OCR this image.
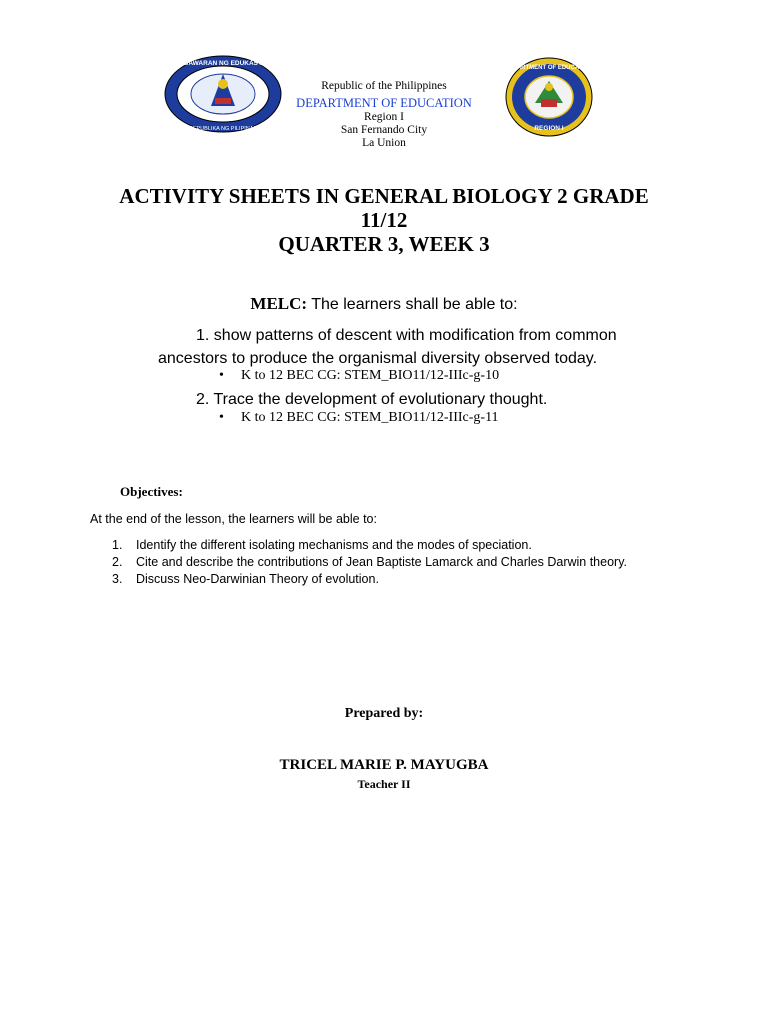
KAGAWARAN NG EDUKASYON
REPUBLIKA NG PILIPINAS
DEPARTMENT OF EDUCATION
REGION I
Republic of the Philippines
DEPARTMENT OF EDUCATION
Region I
San Fernando City
La Union
ACTIVITY SHEETS IN GENERAL BIOLOGY 2 GRADE
11/12
QUARTER 3, WEEK 3
MELC: The learners shall be able to:
1. show patterns of descent with modification from common
ancestors to produce the organismal diversity observed today.
• K to 12 BEC CG: STEM_BIO11/12-IIIc-g-10
2. Trace the development of evolutionary thought.
• K to 12 BEC CG: STEM_BIO11/12-IIIc-g-11
Objectives:
At the end of the lesson, the learners will be able to:
1.	Identify the different isolating mechanisms and the modes of speciation.
2.	Cite and describe the contributions of Jean Baptiste Lamarck and Charles Darwin theory.
3.	Discuss Neo-Darwinian Theory of evolution.
Prepared by:
TRICEL MARIE P. MAYUGBA
Teacher II
